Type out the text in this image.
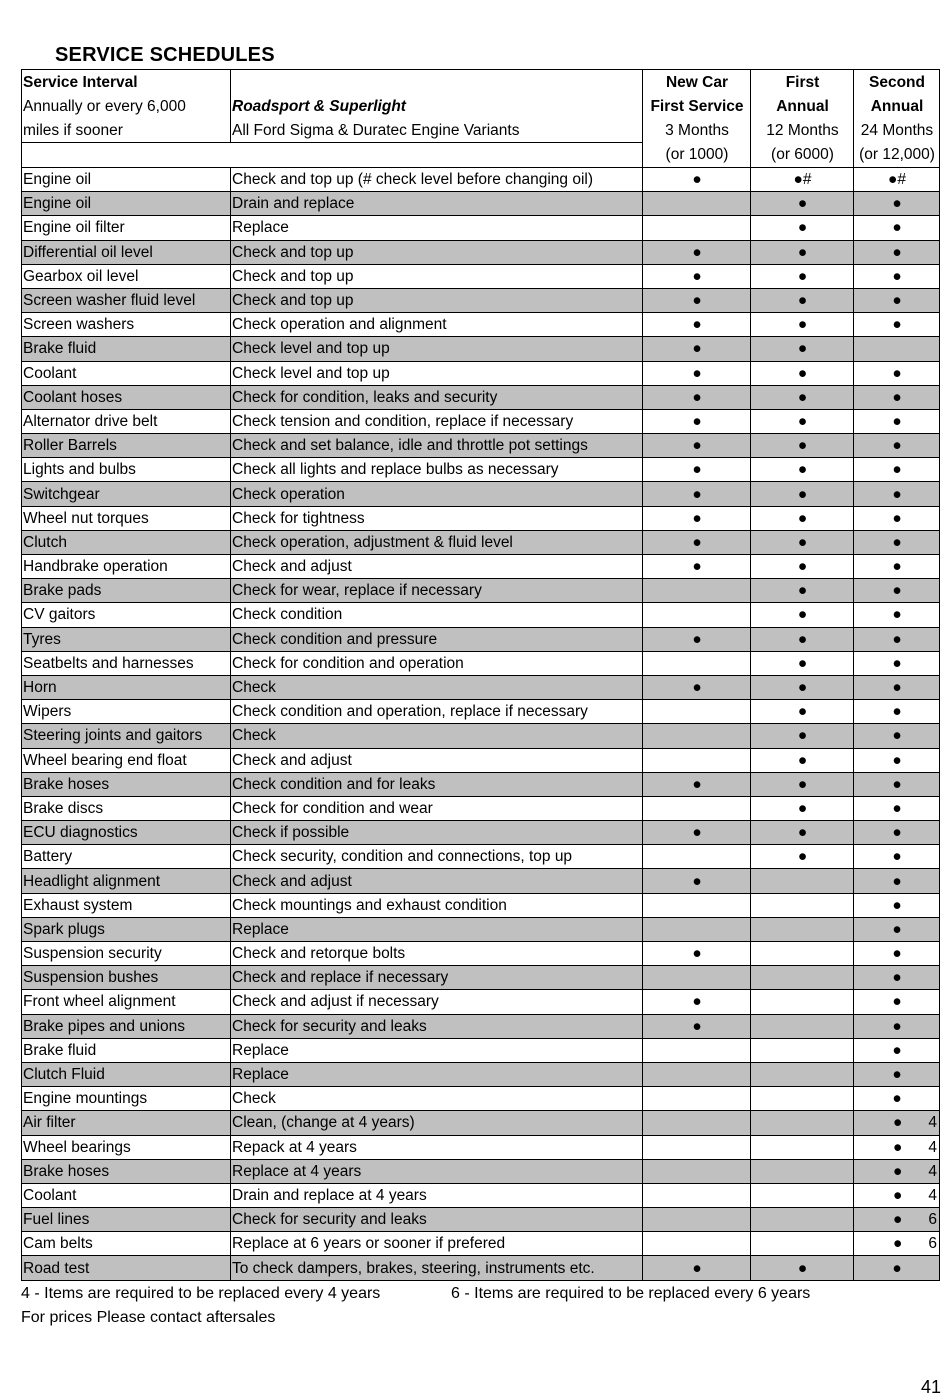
SERVICE SCHEDULES
Service Interval		New Car	First	Second
Annually or every 6,000	Roadsport & Superlight	First Service	Annual	Annual
miles if sooner	All Ford Sigma & Duratec Engine Variants	3 Months	12 Months	24 Months
		(or 1000)	(or 6000)	(or 12,000)
Engine oil	Check and top up (# check level before changing oil)	●	●#	●#
Engine oil	Drain and replace		●	●
Engine oil filter	Replace		●	●
Differential oil level	Check and top up	●	●	●
Gearbox oil level	Check and top up	●	●	●
Screen washer fluid level	Check and top up	●	●	●
Screen washers	Check operation and alignment	●	●	●
Brake fluid	Check level and top up	●	●	
Coolant	Check level and top up	●	●	●
Coolant hoses	Check for condition, leaks and security	●	●	●
Alternator drive belt	Check tension and condition, replace if necessary	●	●	●
Roller Barrels	Check and set balance, idle and throttle pot settings	●	●	●
Lights and bulbs	Check all lights and replace bulbs as necessary	●	●	●
Switchgear	Check operation	●	●	●
Wheel nut torques	Check for tightness	●	●	●
Clutch	Check operation, adjustment & fluid level	●	●	●
Handbrake operation	Check and adjust	●	●	●
Brake pads	Check for wear, replace if necessary		●	●
CV gaitors	Check condition		●	●
Tyres	Check condition and pressure	●	●	●
Seatbelts and harnesses	Check for condition and operation		●	●
Horn	Check	●	●	●
Wipers	Check condition and operation, replace if necessary		●	●
Steering joints and gaitors	Check		●	●
Wheel bearing end float	Check and adjust		●	●
Brake hoses	Check condition and for leaks	●	●	●
Brake discs	Check for condition and wear		●	●
ECU diagnostics	Check if possible	●	●	●
Battery	Check security, condition and connections, top up		●	●
Headlight alignment	Check and adjust	●		●
Exhaust system	Check mountings and exhaust condition			●
Spark plugs	Replace			●
Suspension security	Check and retorque bolts	●		●
Suspension bushes	Check and replace if necessary			●
Front wheel alignment	Check and adjust if necessary	●		●
Brake pipes and unions	Check for security and leaks	●		●
Brake fluid	Replace			●
Clutch Fluid	Replace			●
Engine mountings	Check			●
Air filter	Clean, (change at 4 years)			● 4

Wheel bearings	Repack at 4 years			● 4

Brake hoses	Replace at 4 years			● 4

Coolant	Drain and replace at 4 years			● 4

Fuel lines	Check for security and leaks			● 6

Cam belts	Replace at 6 years or sooner if prefered			● 6

Road test	To check dampers, brakes, steering, instruments etc.	●	●	●
4 - Items are required to be replaced every 4 years	6 - Items are required to be replaced every 6 years
For prices Please contact aftersales
41
